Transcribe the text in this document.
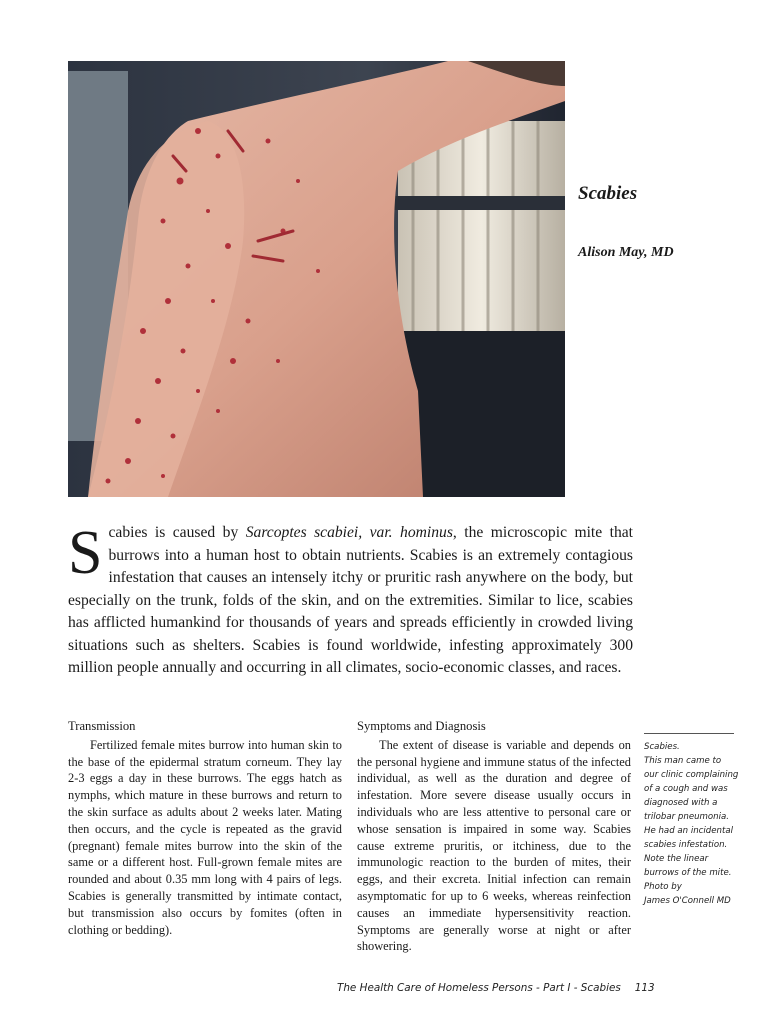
Scabies

Alison May, MD

Scabies is caused by Sarcoptes scabiei, var. hominus, the microscopic mite that burrows into a human host to obtain nutrients. Scabies is an extremely contagious infestation that causes an intensely itchy or pruritic rash anywhere on the body, but especially on the trunk, folds of the skin, and on the extremities. Similar to lice, scabies has afflicted humankind for thousands of years and spreads efficiently in crowded living situations such as shelters. Scabies is found worldwide, infesting approximately 300 million people annually and occurring in all climates, socio-economic classes, and races.

Transmission

Fertilized female mites burrow into human skin to the base of the epidermal stratum corneum. They lay 2-3 eggs a day in these burrows. The eggs hatch as nymphs, which mature in these burrows and return to the skin surface as adults about 2 weeks later. Mating then occurs, and the cycle is repeated as the gravid (pregnant) female mites burrow into the skin of the same or a different host. Full-grown female mites are rounded and about 0.35 mm long with 4 pairs of legs. Scabies is generally transmitted by intimate contact, but transmission also occurs by fomites (often in clothing or bedding).

Symptoms and Diagnosis

The extent of disease is variable and depends on the personal hygiene and immune status of the infected individual, as well as the duration and degree of infestation. More severe disease usually occurs in individuals who are less attentive to personal care or whose sensation is impaired in some way. Scabies cause extreme pruritis, or itchiness, due to the immunologic reaction to the burden of mites, their eggs, and their excreta. Initial infection can remain asymptomatic for up to 6 weeks, whereas reinfection causes an immediate hypersensitivity reaction. Symptoms are generally worse at night or after showering.

Scabies.
This man came to
our clinic complaining
of a cough and was
diagnosed with a
trilobar pneumonia.
He had an incidental
scabies infestation.
Note the linear
burrows of the mite.
Photo by
James O'Connell MD
The Health Care of Homeless Persons - Part I - Scabies 113
